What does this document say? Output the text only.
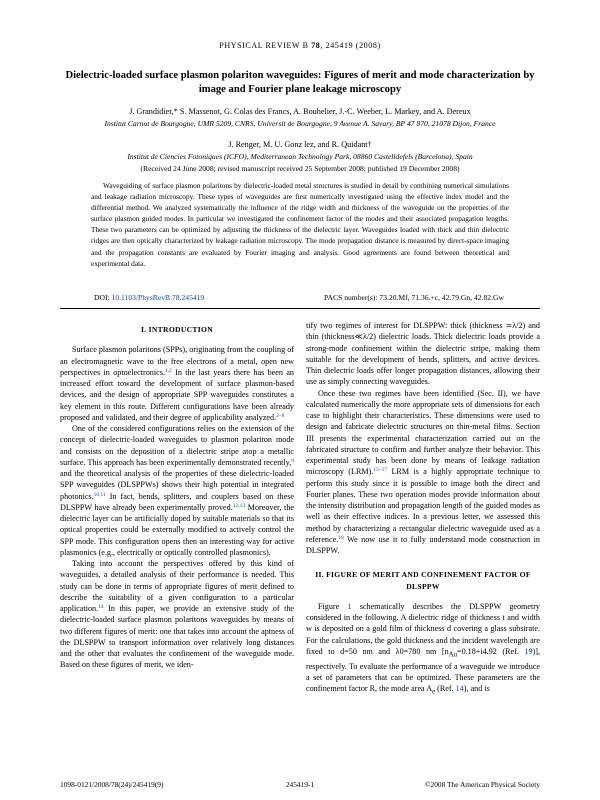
PHYSICAL REVIEW B 78, 245419 (2008)
Dielectric-loaded surface plasmon polariton waveguides: Figures of merit and mode characterization by image and Fourier plane leakage microscopy
J. Grandidier,* S. Massenot, G. Colas des Francs, A. Bouhelier, J.-C. Weeber, L. Markey, and A. Dereux
Institut Carnot de Bourgogne, UMR 5209, CNRS, Universit de Bourgogne, 9 Avenue A. Savary, BP 47 870, 21078 Dijon, France
J. Renger, M. U. Gonz lez, and R. Quidant†
Institut de Ciencies Fotoniques (ICFO), Mediterranean Technology Park, 08860 Castelldefels (Barcelona), Spain
(Received 24 June 2008; revised manuscript received 25 September 2008; published 19 December 2008)
Waveguiding of surface plasmon polaritons by dielectric-loaded metal structures is studied in detail by combining numerical simulations and leakage radiation microscopy. These types of waveguides are first numerically investigated using the effective index model and the differential method. We analyzed systematically the influence of the ridge width and thickness of the waveguide on the properties of the surface plasmon guided modes. In particular we investigated the confinement factor of the modes and their associated propagation lengths. These two parameters can be optimized by adjusting the thickness of the dielectric layer. Waveguides loaded with thick and thin dielectric ridges are then optically characterized by leakage radiation microscopy. The mode propagation distance is measured by direct-space imaging and the propagation constants are evaluated by Fourier imaging and analysis. Good agreements are found between theoretical and experimental data.
DOI: 10.1103/PhysRevB.78.245419	PACS number(s): 73.20.Mf, 71.36.+c, 42.79.Gn, 42.82.Gw
I. INTRODUCTION

Surface plasmon polaritons (SPPs), originating from the coupling of an electromagnetic wave to the free electrons of a metal, open new perspectives in optoelectronics.$^{1,2}$ In the last years there has been an increased effort toward the development of surface plasmon-based devices, and the design of appropriate SPP waveguides constitutes a key element in this route. Different configurations have been already proposed and validated, and their degree of applicability analyzed.$^{2-8}$

One of the considered configurations relies on the extension of the concept of dielectric-loaded waveguides to plasmon polariton mode and consists on the deposition of a dielectric stripe atop a metallic surface. This approach has been experimentally demonstrated recently,$^9$ and the theoretical analysis of the properties of these dielectric-loaded SPP waveguides (DLSPPWs) shows their high potential in integrated photonics.$^{10,11}$ In fact, bends, splitters, and couplers based on these DLSPPW have already been experimentally proved.$^{12,13}$ Moreover, the dielectric layer can be artificially doped by suitable materials so that its optical properties could be externally modified to actively control the SPP mode. This configuration opens then an interesting way for active plasmonics (e.g., electrically or optically controlled plasmonics).

Taking into account the perspectives offered by this kind of waveguides, a detailed analysis of their performance is needed. This study can be done in terms of appropriate figures of merit defined to describe the suitability of a given configuration to a particular application.$^{14}$ In this paper, we provide an extensive study of the dielectric-loaded surface plasmon polaritons waveguides by means of two different figures of merit: one that takes into account the aptness of the DLSPPW to transport information over relatively long distances and the other that evaluates the confinement of the waveguide mode. Based on these figures of merit, we iden-

tify two regimes of interest for DLSPPW: thick (thickness ≃λ/2) and thin (thickness≪λ/2) dielectric loads. Thick dielectric loads provide a strong-mode confinement within the dielectric stripe, making them suitable for the development of bends, splitters, and active devices. Thin dielectric loads offer longer propagation distances, allowing their use as simply connecting waveguides.

Once these two regimes have been identified (Sec. II), we have calculated numerically the more appropriate sets of dimensions for each case to highlight their characteristics. These dimensions were used to design and fabricate dielectric structures on thin-metal films. Section III presents the experimental characterization carried out on the fabricated structure to confirm and further analyze their behavior. This experimental study has been done by means of leakage radiation microscopy (LRM).$^{15-17}$ LRM is a highly appropriate technique to perform this study since it is possible to image both the direct and Fourier planes. These two operation modes provide information about the intensity distribution and propagation length of the guided modes as well as their effective indices. In a previous letter, we assessed this method by characterizing a rectangular dielectric waveguide used as a reference.$^{18}$ We now use it to fully understand mode construction in DLSPPW.

II. FIGURE OF MERIT AND CONFINEMENT FACTOR OF DLSPPW

Figure 1 schematically describes the DLSPPW geometry considered in the following. A dielectric ridge of thickness t and width w is deposited on a gold film of thickness d covering a glass substrate. For the calculations, the gold thickness and the incident wavelength are fixed to d=50 nm and λ0=780 nm [$n_{Au}=0.18+i4.92$ (Ref. 19)], respectively. To evaluate the performance of a waveguide we introduce a set of parameters that can be optimized. These parameters are the confinement factor R, the mode area $A_e$ (Ref. 14), and is

1098-0121/2008/78(24)/245419(9)	245419-1	©2008 The American Physical Society
